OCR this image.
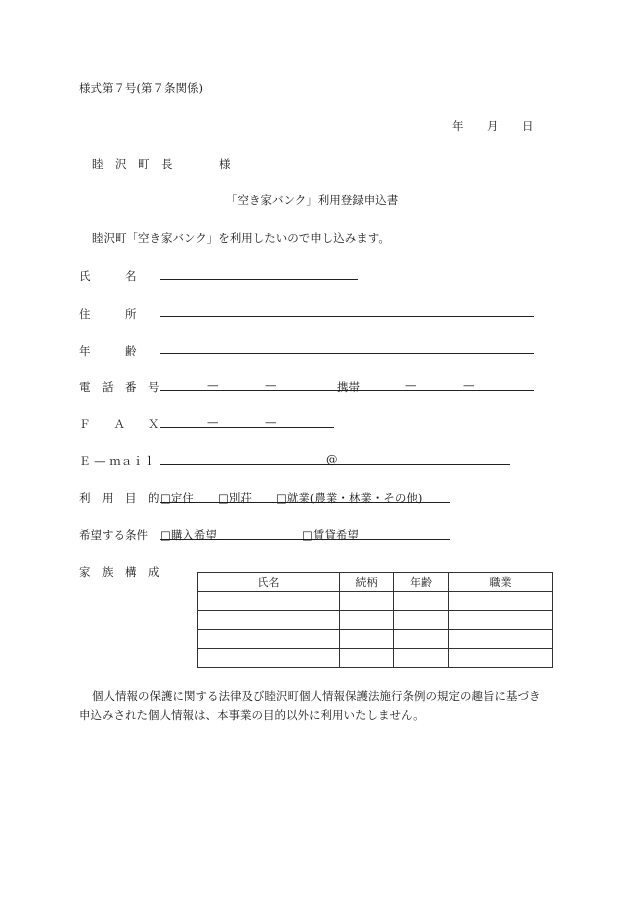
様式第７号(第７条関係)
年 月 日
睦　沢　町　長	様
「空き家バンク」利用登録申込書
睦沢町「空き家バンク」を利用したいので申し込みます。
氏　　　名
住　　　所
年　　　齢
電　話　番　号	—	—	携帯	—	—
Ｆ　　Ａ　　Ｘ	—	—
Ｅ — ｍａｉｌ	@
利　用　目　的 □定住 □別荘 □就業(農業・林業・その他)
希望する条件 □購入希望	□賃貸希望
家　族　構　成
氏名	続柄	年齢	職業

個人情報の保護に関する法律及び睦沢町個人情報保護法施行条例の規定の趣旨に基づき
申込みされた個人情報は、本事業の目的以外に利用いたしません。
